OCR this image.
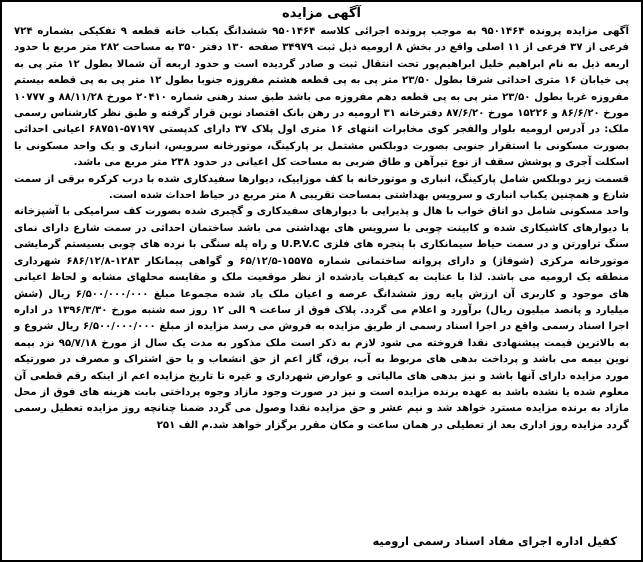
آگهی مزایده

آگهی مزایده پرونده ۹۵۰۱۴۶۴ به موجب پرونده اجرائی کلاسه ۹۵۰۱۴۶۴ ششدانگ یکباب خانه قطعه ۹ تفکیکی بشماره ۷۲۴ فرعی از ۳۷ فرعی از ۱۱ اصلی واقع در بخش ۸ ارومیه ذیل ثبت ۳۴۹۷۹ صفحه ۱۳۰ دفتر ۳۵۰ به مساحت ۲۸۲ متر مربع با حدود اربعه ذیل به نام ابراهیم خلیل ابراهیم‌پور تحت انتقال ثبت و صادر گردیده است و حدود اربعه آن شمالا بطول ۱۲ متر پی به پی خیابان ۱۶ متری احداثی شرقا بطول ۲۳/۵۰ متر پی به پی قطعه هشتم مفروزه جنوبا بطول ۱۲ متر پی به پی قطعه بیستم مفروزه غربا بطول ۲۳/۵۰ متر پی به پی قطعه دهم مفروزه می باشد طبق سند رهنی شماره ۲۰۴۱۰ مورخ ۸۸/۱۱/۲۸ و ۱۰۷۷۷ مورخ ۸۶/۶/۲۰ و ۱۵۲۲۶ مورخ ۸۷/۶/۲۰ دفترخانه ۳۱ ارومیه در رهن بانک اقتصاد نوین قرار گرفته و طبق نظر کارشناس رسمی ملک: در آدرس ارومیه بلوار والفجر کوی مخابرات انتهای ۱۶ متری اول پلاک ۳۷ دارای کدپستی ۵۷۱۹۷-۶۸۷۵۱ اعیانی احداثی بصورت مسکونی با استقرار جنوبی بصورت دوبلکس مشتمل بر پارکینگ، موتورخانه سرویس، انباری و یک واحد مسکونی با اسکلت آجری و پوشش سقف از نوع تیرآهن و طاق ضربی به مساحت کل اعیانی در حدود ۲۳۸ متر مربع می باشد.

قسمت زیر دوبلکس شامل پارکینگ، انباری و موتورخانه با کف موزاییک، دیوارها سفیدکاری شده با درب کرکره برقی از سمت شارع و همچنین یکباب انباری و سرویس بهداشتی بمساحت تقریبی ۸ متر مربع در حیاط احداث شده است.

واحد مسکونی شامل دو اتاق خواب با هال و پذیرایی با دیوارهای سفیدکاری و گچبری شده بصورت کف سرامیکی با آشپزخانه با دیوارهای کاشیکاری شده و کابینت چوبی با سرویس های بهداشتی می باشد ساختمان احداثی در سمت شارع دارای نمای سنگ تراورتن و در سمت حیاط سیمانکاری با پنجره های فلزی U.P.V.C و راه پله سنگی با نرده های چوبی بسیستم گرمایشی موتورخانه مرکزی (شوفاژ) و دارای پروانه ساختمانی شماره ۱۵۵۷۵-۶۵/۱۲/۵ و گواهی پیمانکار ۱۲۸۳-۶۸۶/۱۲/۸ شهرداری منطقه یک ارومیه می باشد. لذا با عنایت به کیفیات یادشده از نظر موقعیت ملک و مقایسه محلهای مشابه و لحاظ اعیانی های موجود و کاربری آن ارزش پایه روز ششدانگ عرصه و اعیان ملک یاد شده مجموعا مبلغ ۶/۵۰۰/۰۰۰/۰۰۰ ریال (شش میلیارد و پانصد میلیون ریال) برآورد و اعلام می گردد. پلاک فوق از ساعت ۹ الی ۱۲ روز سه شنبه مورخ ۱۳۹۶/۳/۳۰ در اداره اجرا اسناد رسمی واقع در اجرا اسناد رسمی از طریق مزایده به فروش می رسد مزایده از مبلغ ۶/۵۰۰/۰۰۰/۰۰۰ ریال شروع و به بالاترین قیمت پیشنهادی نقدا فروخته می شود لازم به ذکر است ملک مذکور به مدت یک سال از مورخ ۹۵/۷/۱۸ نزد بیمه نوین بیمه می باشد و پرداخت بدهی های مربوط به آب، برق، گاز اعم از حق انشعاب و یا حق اشتراک و مصرف در صورتیکه مورد مزایده دارای آنها باشد و نیز بدهی های مالیاتی و عوارض شهرداری و غیره تا تاریخ مزایده اعم از اینکه رقم قطعی آن معلوم شده یا نشده باشد به عهده برنده مزایده است و نیز در صورت وجود مازاد وجوه پرداختی بابت هزینه های فوق از محل مازاد به برنده مزایده مسترد خواهد شد و نیم عشر و حق مزایده نقدا وصول می گردد ضمنا چنانچه روز مزایده تعطیل رسمی گردد مزایده روز اداری بعد از تعطیلی در همان ساعت و مکان مقرر برگزار خواهد شد.م الف ۲۵۱

کفیل اداره اجرای مفاد اسناد رسمی ارومیه
